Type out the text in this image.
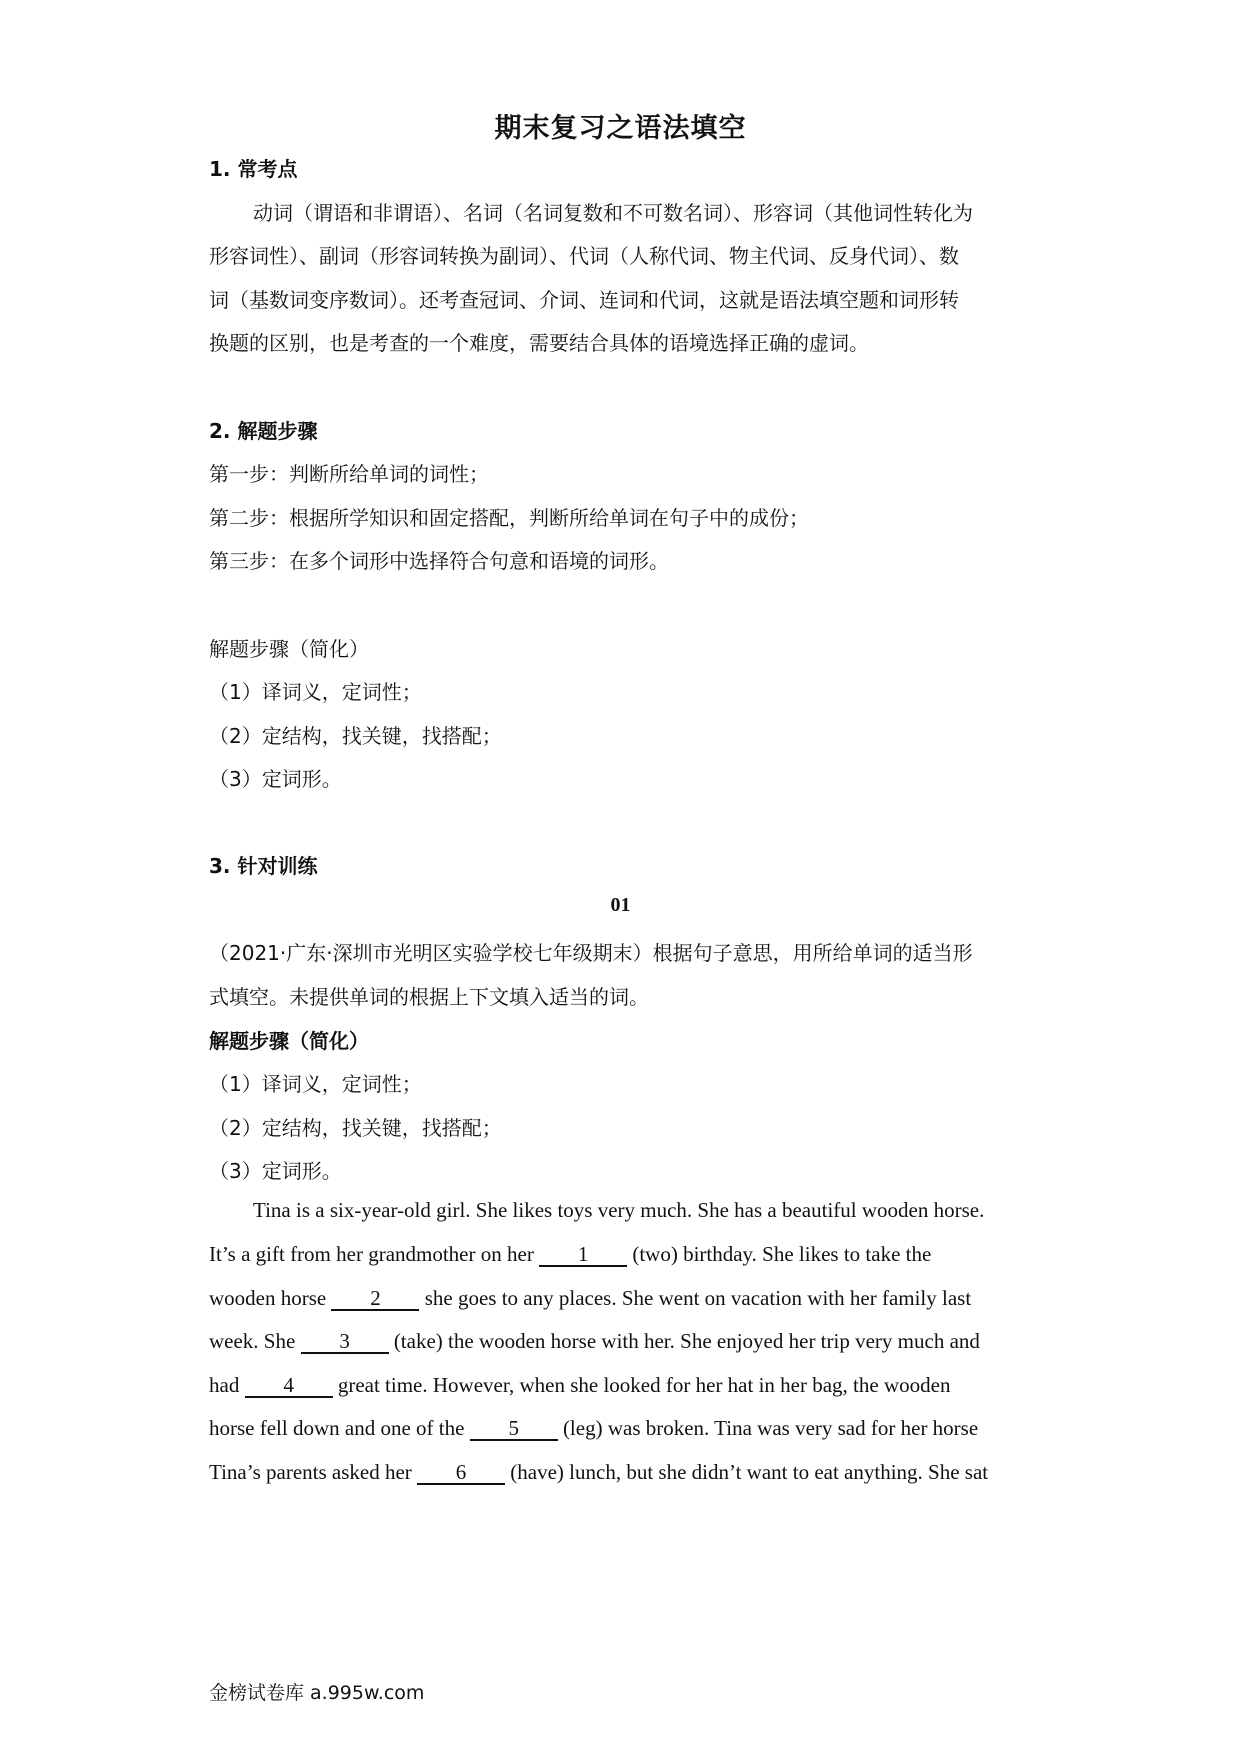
期末复习之语法填空
1. 常考点
动词（谓语和非谓语）、名词（名词复数和不可数名词）、形容词（其他词性转化为
形容词性）、副词（形容词转换为副词）、代词（人称代词、物主代词、反身代词）、数
词（基数词变序数词）。还考查冠词、介词、连词和代词，这就是语法填空题和词形转
换题的区别，也是考查的一个难度，需要结合具体的语境选择正确的虚词。
2. 解题步骤
第一步：判断所给单词的词性；
第二步：根据所学知识和固定搭配，判断所给单词在句子中的成份；
第三步：在多个词形中选择符合句意和语境的词形。
解题步骤（简化）
（1）译词义，定词性；
（2）定结构，找关键，找搭配；
（3）定词形。
3. 针对训练
01
（2021·广东·深圳市光明区实验学校七年级期末）根据句子意思，用所给单词的适当形
式填空。未提供单词的根据上下文填入适当的词。
解题步骤（简化）
（1）译词义，定词性；
（2）定结构，找关键，找搭配；
（3）定词形。
Tina is a six-year-old girl. She likes toys very much. She has a beautiful wooden horse.
It’s a gift from her grandmother on her 1 (two) birthday. She likes to take the
wooden horse 2 she goes to any places. She went on vacation with her family last
week. She 3 (take) the wooden horse with her. She enjoyed her trip very much and
had 4 great time. However, when she looked for her hat in her bag, the wooden
horse fell down and one of the 5 (leg) was broken. Tina was very sad for her horse
Tina’s parents asked her 6 (have) lunch, but she didn’t want to eat anything. She sat
金榜试卷库 a.995w.com
